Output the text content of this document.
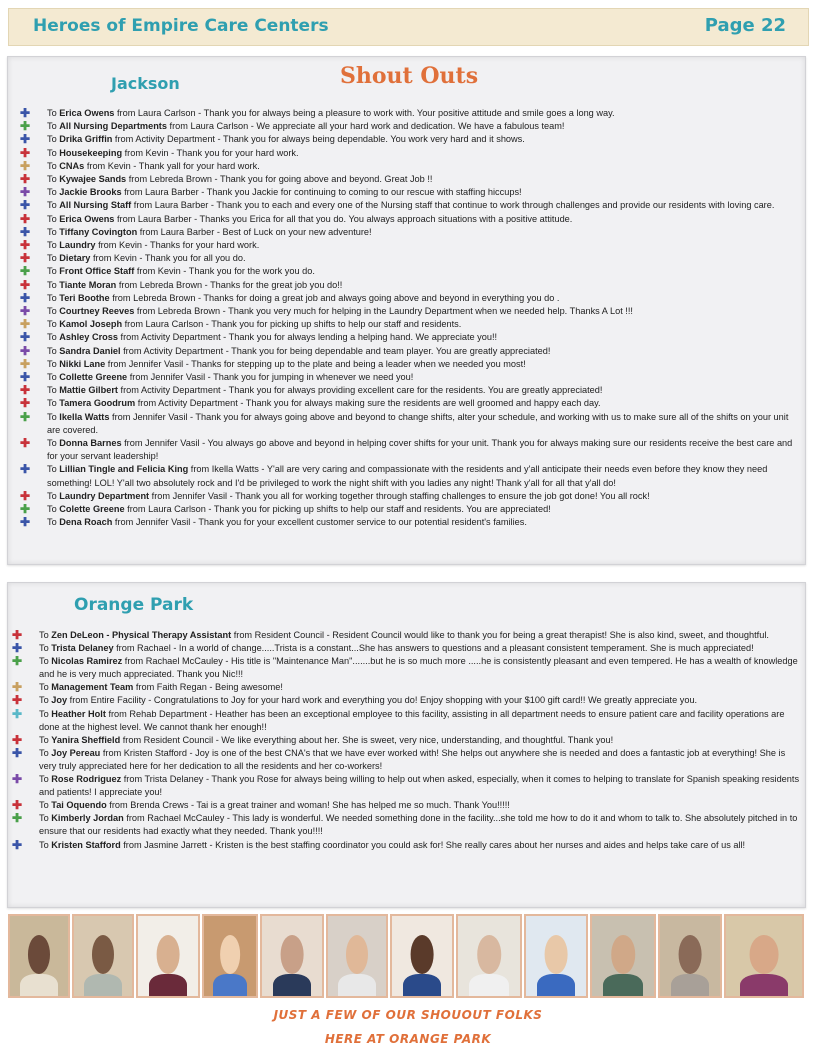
Heroes of Empire Care Centers	Page 22
Jackson	Shout Outs
✚ To Erica Owens from Laura Carlson - Thank you for always being a pleasure to work with. Your positive attitude and smile goes a long way.
✚ To All Nursing Departments from Laura Carlson - We appreciate all your hard work and dedication. We have a fabulous team!
✚ To Drika Griffin from Activity Department - Thank you for always being dependable. You work very hard and it shows.
✚ To Housekeeping from Kevin - Thank you for your hard work.
✚ To CNAs from Kevin - Thank yall for your hard work.
✚ To Kywajee Sands from Lebreda Brown - Thank you for going above and beyond. Great Job !!
✚ To Jackie Brooks from Laura Barber - Thank you Jackie for continuing to coming to our rescue with staffing hiccups!
✚ To All Nursing Staff from Laura Barber - Thank you to each and every one of the Nursing staff that continue to work through challenges and provide our residents with loving care.
✚ To Erica Owens from Laura Barber - Thanks you Erica for all that you do. You always approach situations with a positive attitude.
✚ To Tiffany Covington from Laura Barber - Best of Luck on your new adventure!
✚ To Laundry from Kevin - Thanks for your hard work.
✚ To Dietary from Kevin - Thank you for all you do.
✚ To Front Office Staff from Kevin - Thank you for the work you do.
✚ To Tiante Moran from Lebreda Brown - Thanks for the great job you do!!
✚ To Teri Boothe from Lebreda Brown - Thanks for doing a great job and always going above and beyond in everything you do .
✚ To Courtney Reeves from Lebreda Brown - Thank you very much for helping in the Laundry Department when we needed help. Thanks A Lot !!!
✚ To Kamol Joseph from Laura Carlson - Thank you for picking up shifts to help our staff and residents.
✚ To Ashley Cross from Activity Department - Thank you for always lending a helping hand. We appreciate you!!
✚ To Sandra Daniel from Activity Department - Thank you for being dependable and team player. You are greatly appreciated!
✚ To Nikki Lane from Jennifer Vasil - Thanks for stepping up to the plate and being a leader when we needed you most!
✚ To Collette Greene from Jennifer Vasil - Thank you for jumping in whenever we need you!
✚ To Mattie Gilbert from Activity Department - Thank you for always providing excellent care for the residents. You are greatly appreciated!
✚ To Tamera Goodrum from Activity Department - Thank you for always making sure the residents are well groomed and happy each day.
✚ To Ikella Watts from Jennifer Vasil - Thank you for always going above and beyond to change shifts, alter your schedule, and working with us to make sure all of the shifts on your unit are covered.
✚ To Donna Barnes from Jennifer Vasil - You always go above and beyond in helping cover shifts for your unit. Thank you for always making sure our residents receive the best care and for your servant leadership!
✚ To Lillian Tingle and Felicia King from Ikella Watts - Y'all are very caring and compassionate with the residents and y'all anticipate their needs even before they know they need something! LOL! Y'all two absolutely rock and I'd be privileged to work the night shift with you ladies any night! Thank y'all for all that y'all do!
✚ To Laundry Department from Jennifer Vasil - Thank you all for working together through staffing challenges to ensure the job got done! You all rock!
✚ To Colette Greene from Laura Carlson - Thank you for picking up shifts to help our staff and residents. You are appreciated!
✚ To Dena Roach from Jennifer Vasil - Thank you for your excellent customer service to our potential resident's families.
Orange Park
✚ To Zen DeLeon - Physical Therapy Assistant from Resident Council - Resident Council would like to thank you for being a great therapist! She is also kind, sweet, and thoughtful.
✚ To Trista Delaney from Rachael - In a world of change.....Trista is a constant...She has answers to questions and a pleasant consistent temperament. She is much appreciated!
✚ To Nicolas Ramirez from Rachael McCauley - His title is "Maintenance Man".......but he is so much more .....he is consistently pleasant and even tempered. He has a wealth of knowledge and he is very much appreciated. Thank you Nic!!!
✚ To Management Team from Faith Regan - Being awesome!
✚ To Joy from Entire Facility - Congratulations to Joy for your hard work and everything you do! Enjoy shopping with your $100 gift card!! We greatly appreciate you.
✚ To Heather Holt from Rehab Department - Heather has been an exceptional employee to this facility, assisting in all department needs to ensure patient care and facility operations are done at the highest level. We cannot thank her enough!!
✚ To Yanira Sheffield from Resident Council - We like everything about her. She is sweet, very nice, understanding, and thoughtful. Thank you!
✚ To Joy Pereau from Kristen Stafford - Joy is one of the best CNA's that we have ever worked with! She helps out anywhere she is needed and does a fantastic job at everything! She is very truly appreciated here for her dedication to all the residents and her co-workers!
✚ To Rose Rodriguez from Trista Delaney - Thank you Rose for always being willing to help out when asked, especially, when it comes to helping to translate for Spanish speaking residents and patients! I appreciate you!
✚ To Tai Oquendo from Brenda Crews - Tai is a great trainer and woman! She has helped me so much. Thank You!!!!!
✚ To Kimberly Jordan from Rachael McCauley - This lady is wonderful. We needed something done in the facility...she told me how to do it and whom to talk to. She absolutely pitched in to ensure that our residents had exactly what they needed. Thank you!!!!
✚ To Kristen Stafford from Jasmine Jarrett - Kristen is the best staffing coordinator you could ask for! She really cares about her nurses and aides and helps take care of us all!
JUST A FEW OF OUR SHOUOUT FOLKS
HERE AT ORANGE PARK
